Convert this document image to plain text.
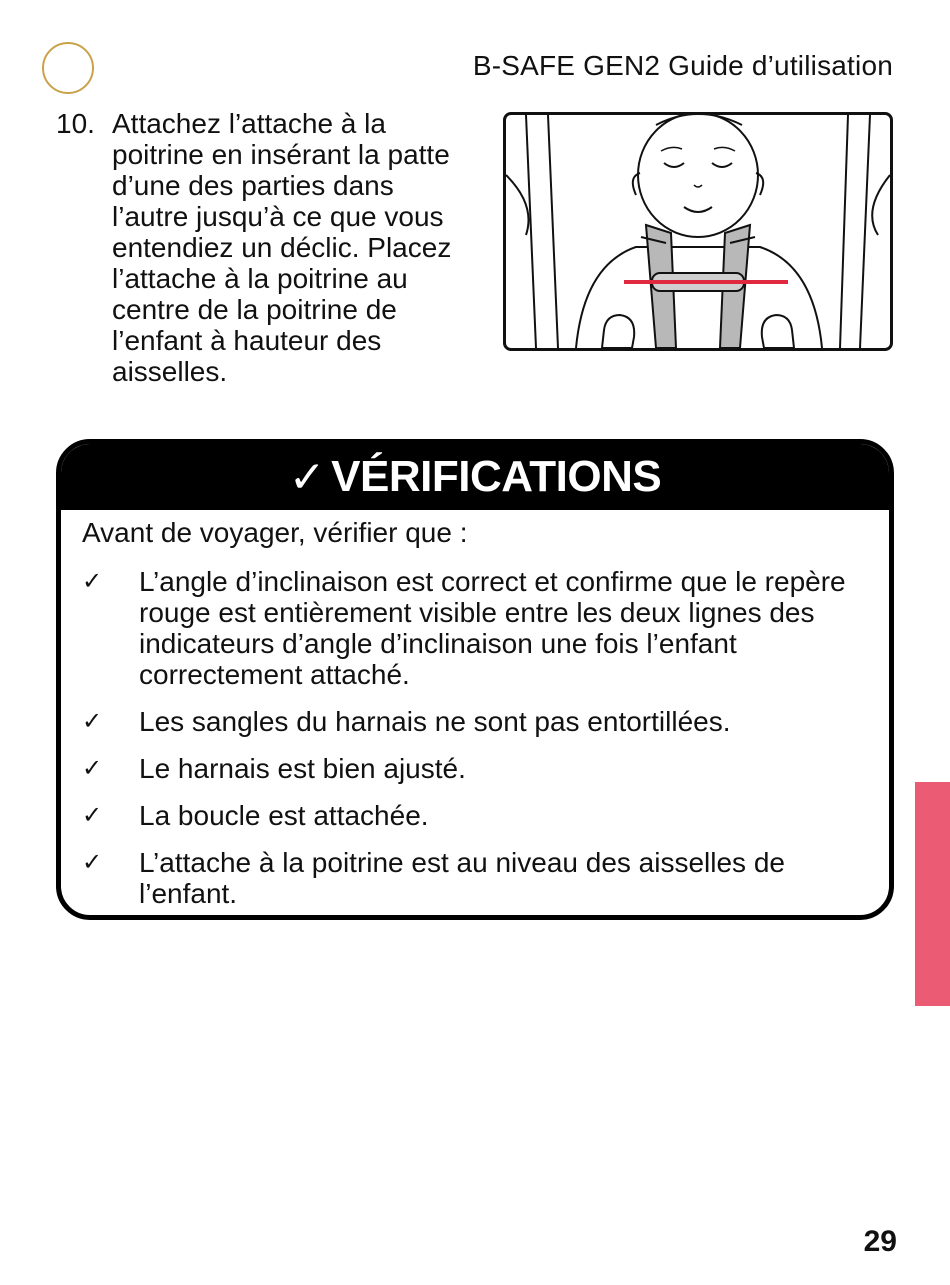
B-SAFE GEN2 Guide d’utilisation
10. Attachez l’attache à la poitrine en insérant la patte d’une des parties dans l’autre jusqu’à ce que vous entendiez un déclic. Placez l’attache à la poitrine au centre de la poitrine de l’enfant à hauteur des aisselles.
✓ VÉRIFICATIONS

Avant de voyager, vérifier que :

✓	L’angle d’inclinaison est correct et confirme que le repère rouge est entièrement visible entre les deux lignes des indicateurs d’angle d’inclinaison une fois l’enfant correctement attaché.
✓	Les sangles du harnais ne sont pas entortillées.
✓	Le harnais est bien ajusté.
✓	La boucle est attachée.
✓	L’attache à la poitrine est au niveau des aisselles de l’enfant.
29
